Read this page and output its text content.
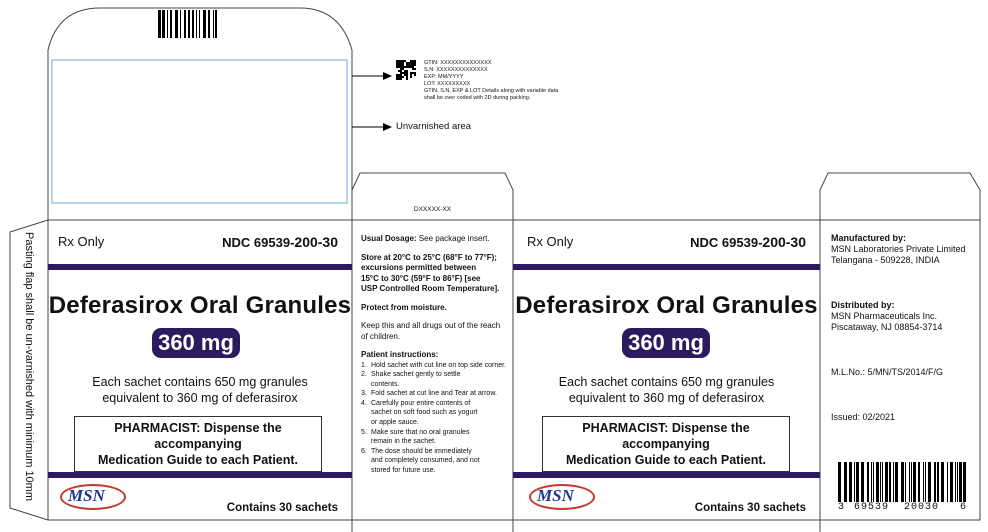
GTIN: XXXXXXXXXXXXXX
S.N: XXXXXXXXXXXXXX
EXP: MM/YYYY
LOT: XXXXXXXXX
GTIN, S.N, EXP & LOT Details along with variable data
shall be over coded with 2D during packing.
Unvarnished area
Pasting flap shall be un-varnished with minimum 10mm
DXXXXX-XX
Rx Only	NDC 69539-200-30
Deferasirox Oral Granules
360 mg
Each sachet contains 650 mg granules
equivalent to 360 mg of deferasirox
PHARMACIST: Dispense the accompanying
Medication Guide to each Patient.
MSN
Contains 30 sachets
Usual Dosage: See package insert.
Store at 20°C to 25°C (68°F to 77°F);
excursions permitted between
15°C to 30°C (59°F to 86°F) [see
USP Controlled Room Temperature].
Protect from moisture.
Keep this and all drugs out of the reach
of children.
Patient instructions:
1. Hold sachet with cut line on top side corner.
2. Shake sachet gently to settle
contents.
3. Fold sachet at cut line and Tear at arrow.
4. Carefully pour entire contents of
sachet on soft food such as yogurt
or apple sauce.
5. Make sure that no oral granules
remain in the sachet.
6. The dose should be immediately
and completely consumed, and not
stored for future use.
Rx Only	NDC 69539-200-30
Deferasirox Oral Granules
360 mg
Each sachet contains 650 mg granules
equivalent to 360 mg of deferasirox
PHARMACIST: Dispense the accompanying
Medication Guide to each Patient.
MSN
Contains 30 sachets
Manufactured by:
MSN Laboratories Private Limited
Telangana - 509228, INDIA
Distributed by:
MSN Pharmaceuticals Inc.
Piscataway, NJ 08854-3714
M.L.No.: 5/MN/TS/2014/F/G
Issued: 02/2021
3 69539 20030 6
